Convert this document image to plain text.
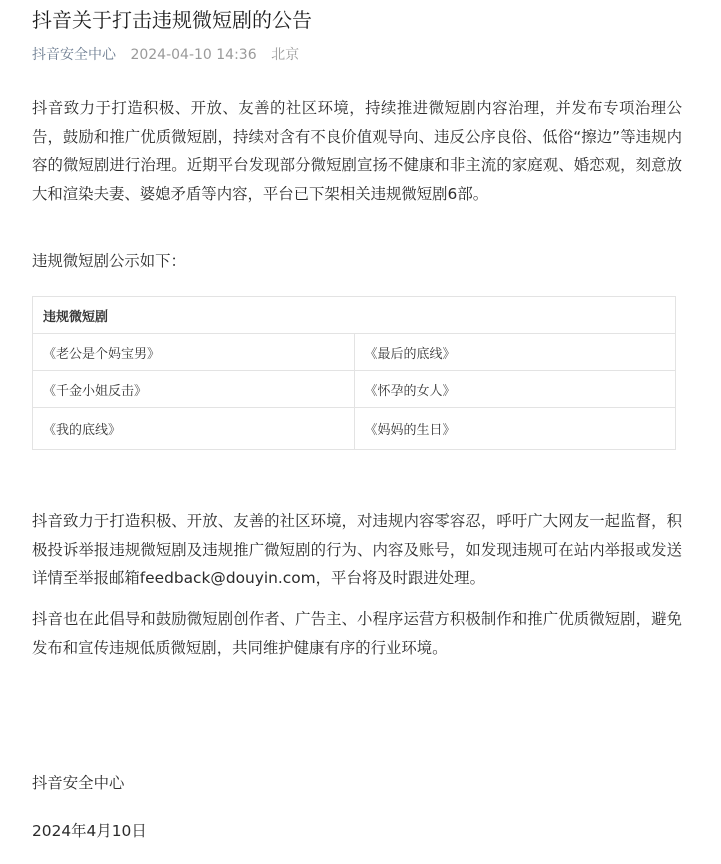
抖音关于打击违规微短剧的公告
抖音安全中心 2024-04-10 14:36 北京

抖音致力于打造积极、开放、友善的社区环境，持续推进微短剧内容治理，并发布专项治理公告，鼓励和推广优质微短剧，持续对含有不良价值观导向、违反公序良俗、低俗“擦边”等违规内容的微短剧进行治理。近期平台发现部分微短剧宣扬不健康和非主流的家庭观、婚恋观，刻意放大和渲染夫妻、婆媳矛盾等内容，平台已下架相关违规微短剧6部。

违规微短剧公示如下：

违规微短剧	
《老公是个妈宝男》	《最后的底线》
《千金小姐反击》	《怀孕的女人》
《我的底线》	《妈妈的生日》

抖音致力于打造积极、开放、友善的社区环境，对违规内容零容忍，呼吁广大网友一起监督，积极投诉举报违规微短剧及违规推广微短剧的行为、内容及账号，如发现违规可在站内举报或发送详情至举报邮箱feedback@douyin.com，平台将及时跟进处理。

抖音也在此倡导和鼓励微短剧创作者、广告主、小程序运营方积极制作和推广优质微短剧，避免发布和宣传违规低质微短剧，共同维护健康有序的行业环境。

抖音安全中心
2024年4月10日
